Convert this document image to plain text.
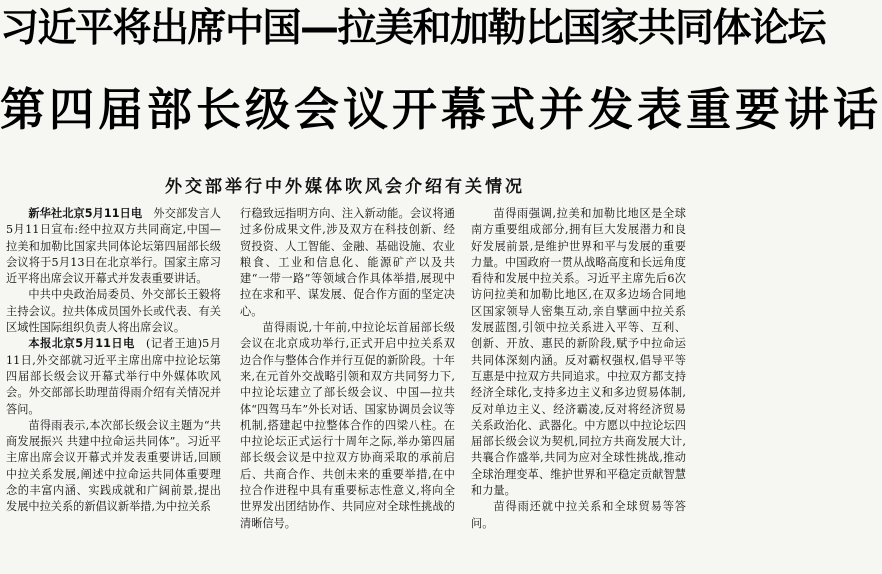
习近平将出席中国—拉美和加勒比国家共同体论坛
第四届部长级会议开幕式并发表重要讲话
外交部举行中外媒体吹风会介绍有关情况

新华社北京5月11日电  外交部发言人5月11日宣布:经中拉双方共同商定,中国—拉美和加勒比国家共同体论坛第四届部长级会议将于5月13日在北京举行。国家主席习近平将出席会议开幕式并发表重要讲话。

中共中央政治局委员、外交部长王毅将主持会议。拉共体成员国外长或代表、有关区域性国际组织负责人将出席会议。

本报北京5月11日电  (记者王迪)5月11日,外交部就习近平主席出席中拉论坛第四届部长级会议开幕式举行中外媒体吹风会。外交部部长助理苗得雨介绍有关情况并答问。

苗得雨表示,本次部长级会议主题为“共商发展振兴 共建中拉命运共同体”。习近平主席出席会议开幕式并发表重要讲话,回顾中拉关系发展,阐述中拉命运共同体重要理念的丰富内涵、实践成就和广阔前景,提出发展中拉关系的新倡议新举措,为中拉关系

行稳致远指明方向、注入新动能。会议将通过多份成果文件,涉及双方在科技创新、经贸投资、人工智能、金融、基础设施、农业粮食、工业和信息化、能源矿产以及共建“一带一路”等领域合作具体举措,展现中拉在求和平、谋发展、促合作方面的坚定决心。

苗得雨说,十年前,中拉论坛首届部长级会议在北京成功举行,正式开启中拉关系双边合作与整体合作并行互促的新阶段。十年来,在元首外交战略引领和双方共同努力下,中拉论坛建立了部长级会议、中国—拉共体“四驾马车”外长对话、国家协调员会议等机制,搭建起中拉整体合作的四梁八柱。在中拉论坛正式运行十周年之际,举办第四届部长级会议是中拉双方协商采取的承前启后、共商合作、共创未来的重要举措,在中拉合作进程中具有重要标志性意义,将向全世界发出团结协作、共同应对全球性挑战的清晰信号。

苗得雨强调,拉美和加勒比地区是全球南方重要组成部分,拥有巨大发展潜力和良好发展前景,是维护世界和平与发展的重要力量。中国政府一贯从战略高度和长远角度看待和发展中拉关系。习近平主席先后6次访问拉美和加勒比地区,在双多边场合同地区国家领导人密集互动,亲自擘画中拉关系发展蓝图,引领中拉关系进入平等、互利、创新、开放、惠民的新阶段,赋予中拉命运共同体深刻内涵。反对霸权强权,倡导平等互惠是中拉双方共同追求。中拉双方都支持经济全球化,支持多边主义和多边贸易体制,反对单边主义、经济霸凌,反对将经济贸易关系政治化、武器化。中方愿以中拉论坛四届部长级会议为契机,同拉方共商发展大计,共襄合作盛举,共同为应对全球性挑战,推动全球治理变革、维护世界和平稳定贡献智慧和力量。

苗得雨还就中拉关系和全球贸易等答问。
